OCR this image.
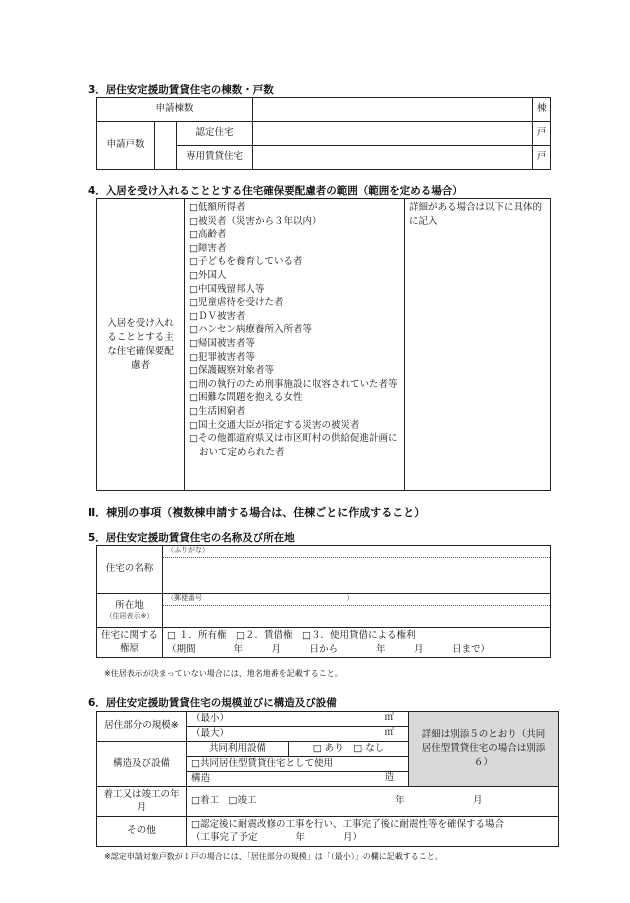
3．居住安定援助賃貸住宅の棟数・戸数
申請棟数				棟
申請戸数		認定住宅		戸
		専用賃貸住宅		戸
4．入居を受け入れることとする住宅確保要配慮者の範囲（範囲を定める場合）
入居を受け入れることとする主な住宅確保要配慮者	
□低額所得者
□被災者（災害から３年以内）
□高齢者
□障害者
□子どもを養育している者
□外国人
□中国残留邦人等
□児童虐待を受けた者
□ＤＶ被害者
□ハンセン病療養所入所者等
□帰国被害者等
□犯罪被害者等
□保護観察対象者等
□刑の執行のため刑事施設に収容されていた者等
□困難な問題を抱える女性
□生活困窮者
□国土交通大臣が指定する災害の被災者
□その他都道府県又は市区町村の供給促進計画において定められた者
	詳細がある場合は以下に具体的に記入
Ⅱ．棟別の事項（複数棟申請する場合は、住棟ごとに作成すること）
5．居住安定援助賃貸住宅の名称及び所在地
住宅の名称	（ふりがな）

所在地
（住居表示※）	（郵便番号 ）

住宅に関する権原	□ １．所有権　□２．賃借権　□３．使用貸借による権利
（期間　　　　年　　　月　　　日から　　　　年　　　月　　　日まで）
※住居表示が決まっていない場合には、地名地番を記載すること。
6．居住安定援助賃貸住宅の規模並びに構造及び設備
居住部分の規模※	（最小） ㎡		詳細は別添５のとおり（共同居住型賃貸住宅の場合は別添６）
	（最大） ㎡		

構造及び設備	共同利用設備	□ あり　□ なし	
	□共同居住型賃貸住宅として使用		
	構造 造		

着工又は竣工の年月	□着工　□竣工 年 月		

その他	□認定後に耐震改修の工事を行い、工事完了後に耐震性等を確保する場合
（工事完了予定　　　　年　　　　月）		
※認定申請対象戸数が１戸の場合には、「居住部分の規模」は「（最小）」の欄に記載すること。
